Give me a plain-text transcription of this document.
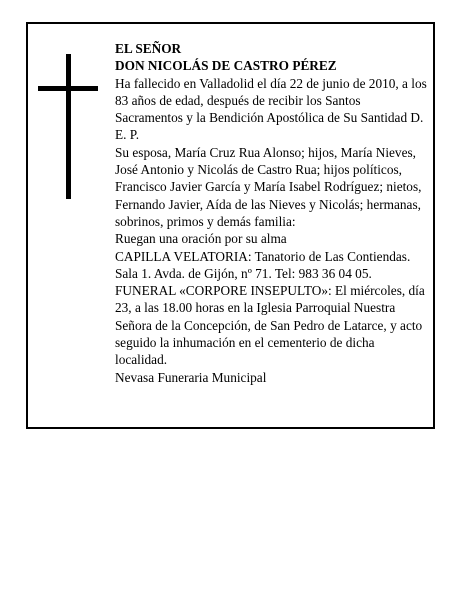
EL SEÑOR

DON NICOLÁS DE CASTRO PÉREZ

Ha fallecido en Valladolid el día 22 de junio de 2010, a los 83 años de edad, después de recibir los Santos Sacramentos y la Bendición Apostólica de Su Santidad D. E. P.

Su esposa, María Cruz Rua Alonso; hijos, María Nieves, José Antonio y Nicolás de Castro Rua; hijos políticos, Francisco Javier García y María Isabel Rodríguez; nietos, Fernando Javier, Aída de las Nieves y Nicolás; hermanas, sobrinos, primos y demás familia:

Ruegan una oración por su alma

CAPILLA VELATORIA: Tanatorio de Las Contiendas. Sala 1. Avda. de Gijón, nº 71. Tel: 983 36 04 05.

FUNERAL «CORPORE INSEPULTO»: El miércoles, día 23, a las 18.00 horas en la Iglesia Parroquial Nuestra Señora de la Concepción, de San Pedro de Latarce, y acto seguido la inhumación en el cementerio de dicha localidad.

Nevasa Funeraria Municipal
